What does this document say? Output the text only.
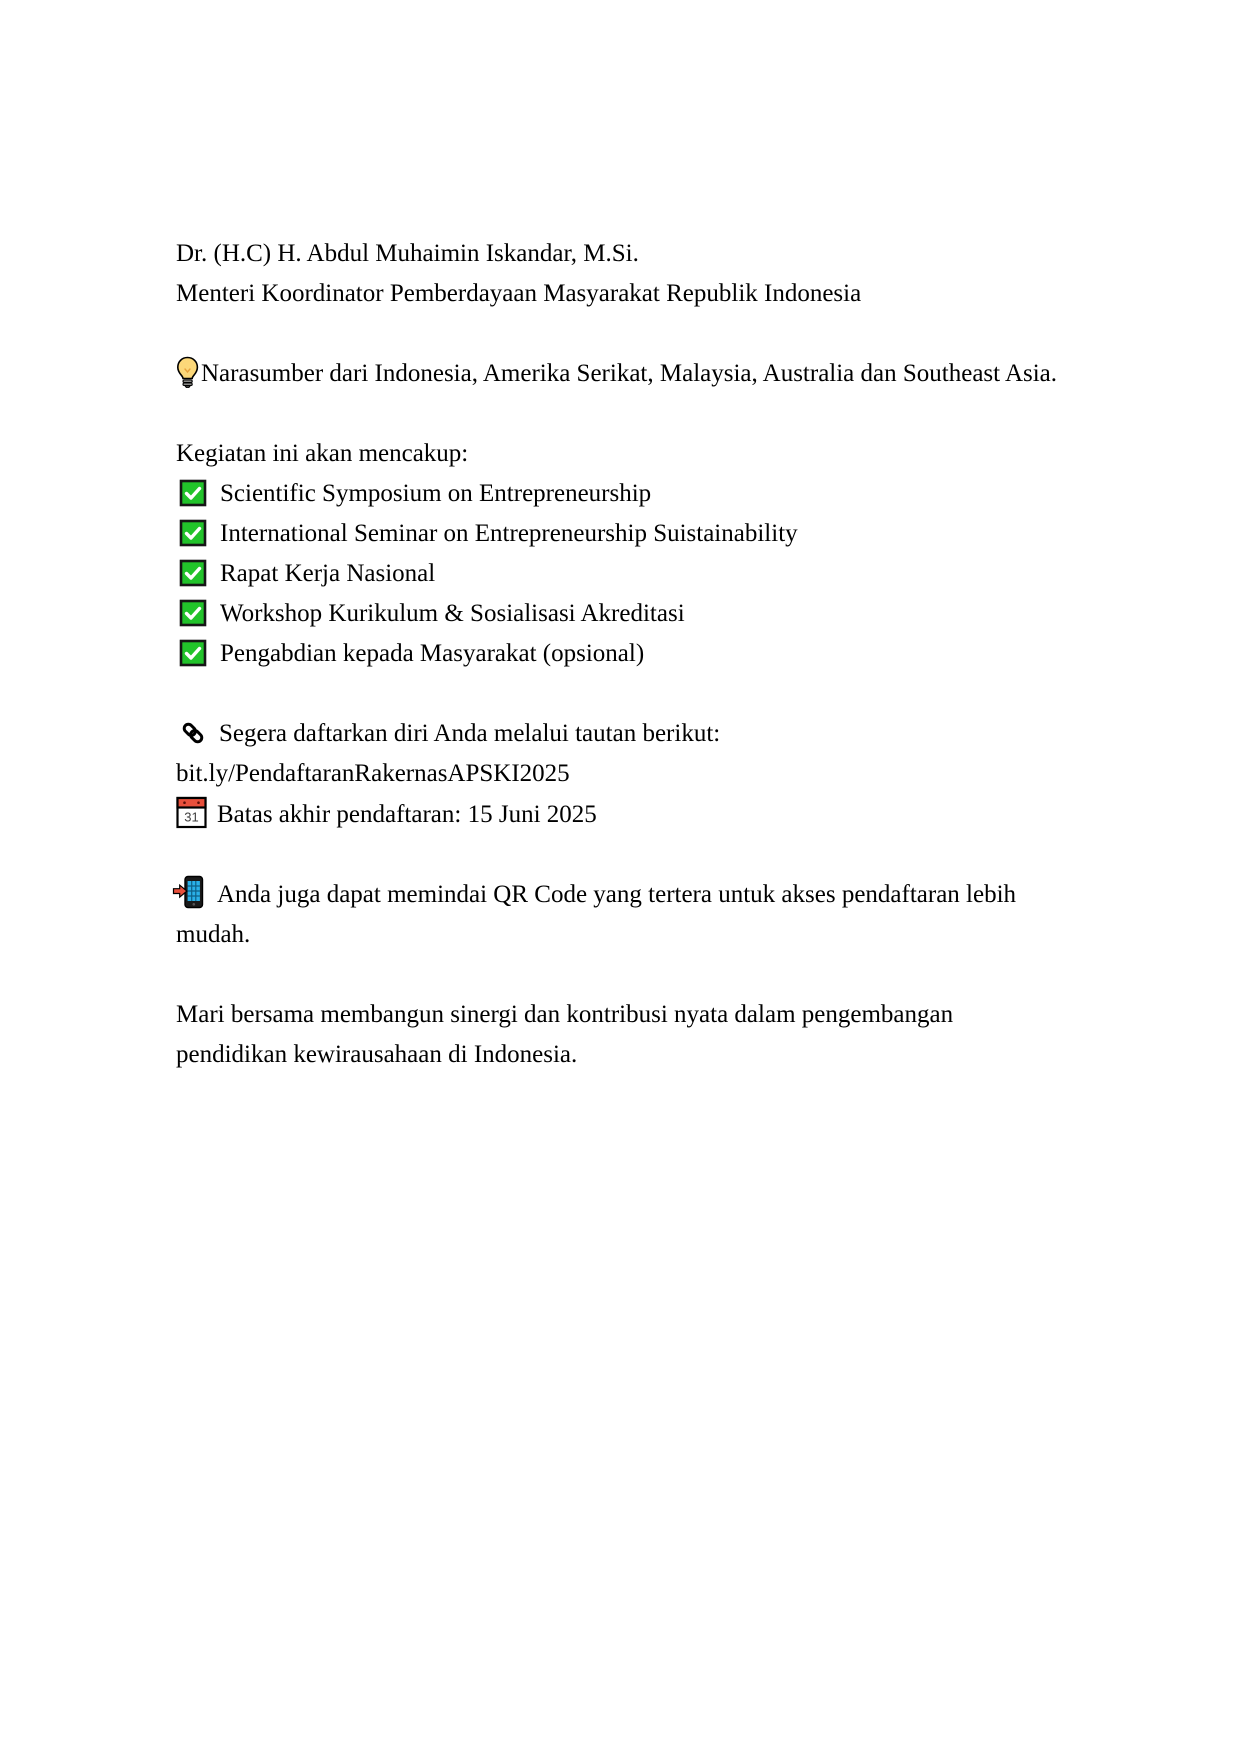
Dr. (H.C) H. Abdul Muhaimin Iskandar, M.Si.
Menteri Koordinator Pemberdayaan Masyarakat Republik Indonesia
Narasumber dari Indonesia, Amerika Serikat, Malaysia, Australia dan Southeast Asia.
Kegiatan ini akan mencakup:
Scientific Symposium on Entrepreneurship
International Seminar on Entrepreneurship Suistainability
Rapat Kerja Nasional
Workshop Kurikulum & Sosialisasi Akreditasi
Pengabdian kepada Masyarakat (opsional)
Segera daftarkan diri Anda melalui tautan berikut:
bit.ly/PendaftaranRakernasAPSKI2025
31 Batas akhir pendaftaran: 15 Juni 2025
Anda juga dapat memindai QR Code yang tertera untuk akses pendaftaran lebih
mudah.
Mari bersama membangun sinergi dan kontribusi nyata dalam pengembangan
pendidikan kewirausahaan di Indonesia.
